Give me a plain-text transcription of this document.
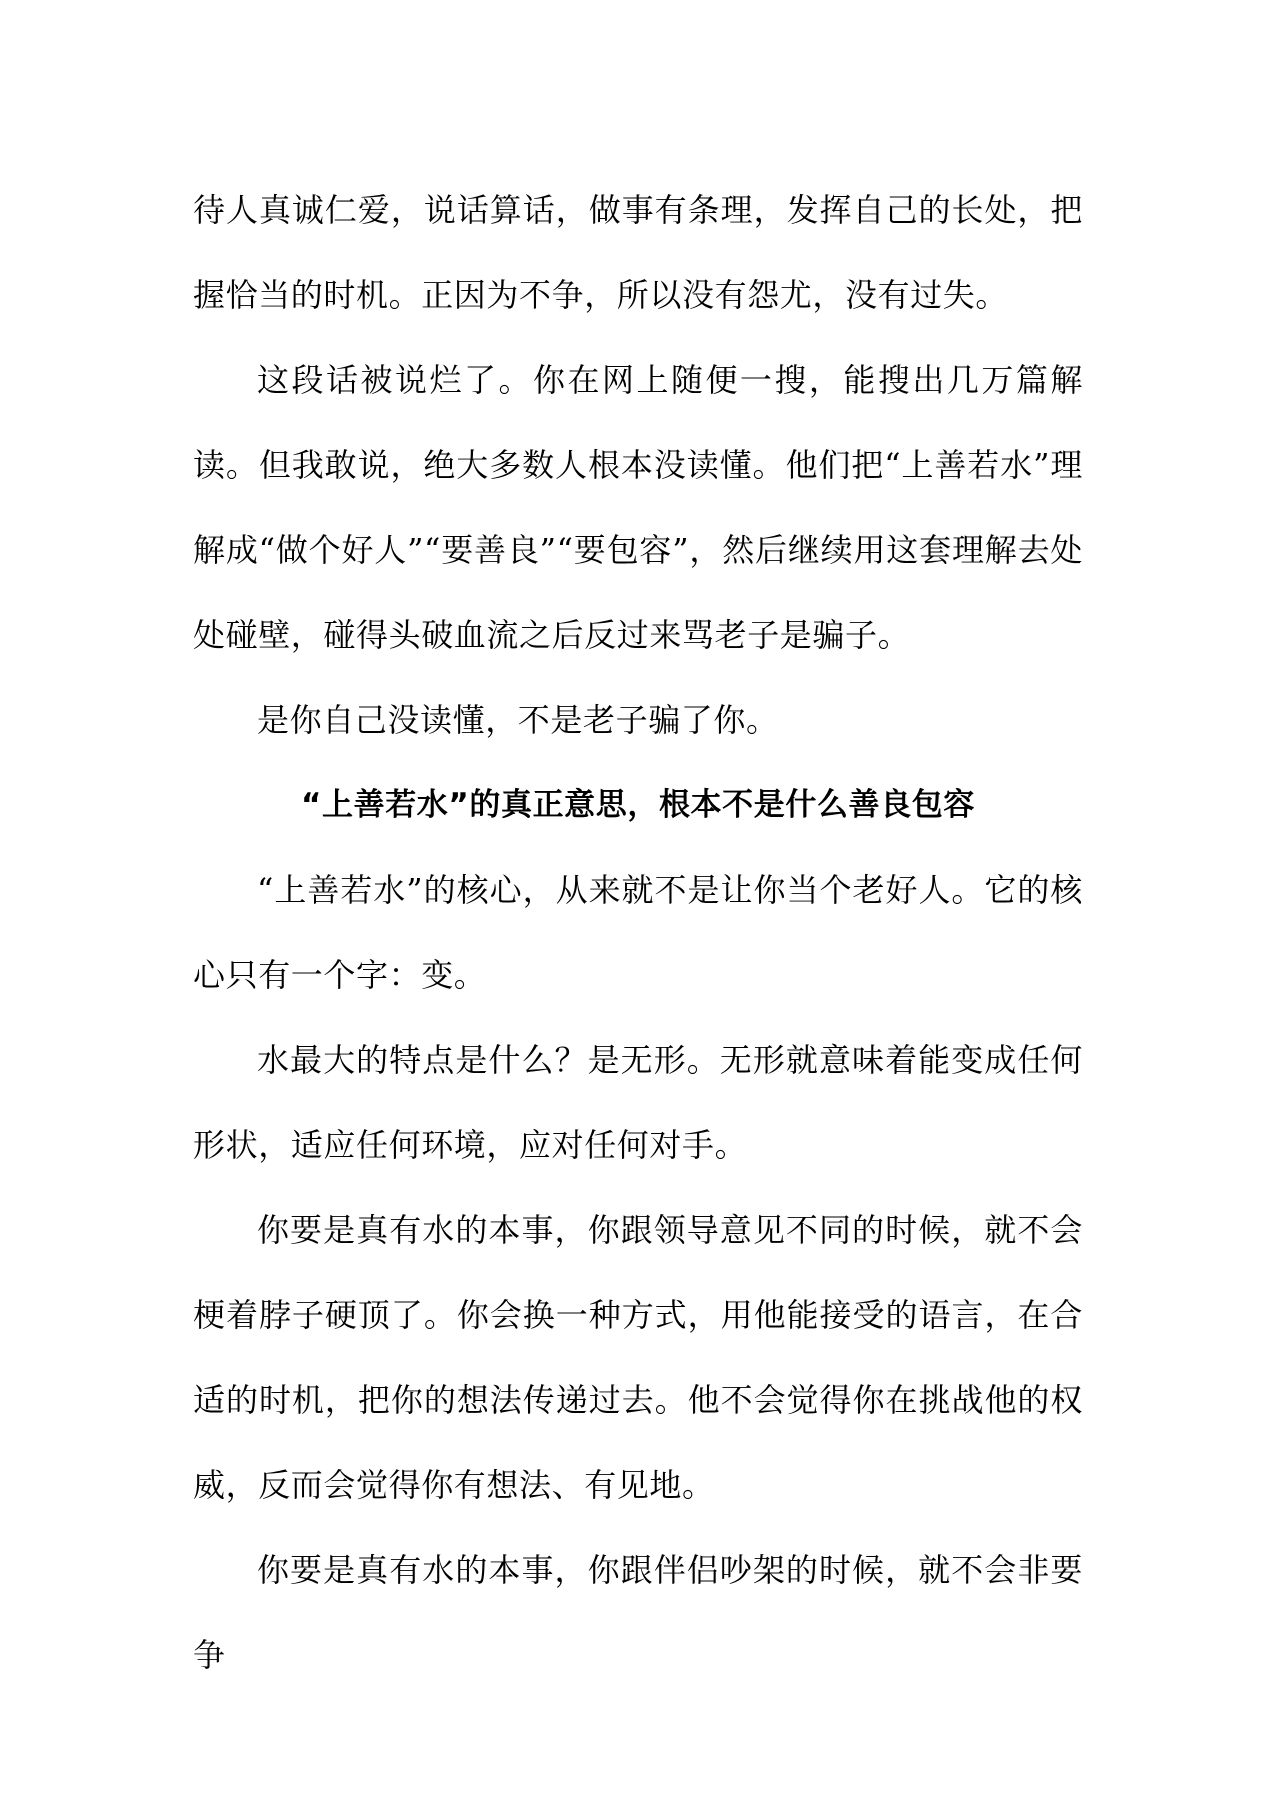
待人真诚仁爱，说话算话，做事有条理，发挥自己的长处，把握恰当的时机。正因为不争，所以没有怨尤，没有过失。

这段话被说烂了。你在网上随便一搜，能搜出几万篇解读。但我敢说，绝大多数人根本没读懂。他们把“上善若水”理解成“做个好人”“要善良”“要包容”，然后继续用这套理解去处处碰壁，碰得头破血流之后反过来骂老子是骗子。

是你自己没读懂，不是老子骗了你。

“上善若水”的真正意思，根本不是什么善良包容

“上善若水”的核心，从来就不是让你当个老好人。它的核心只有一个字：变。

水最大的特点是什么？是无形。无形就意味着能变成任何形状，适应任何环境，应对任何对手。

你要是真有水的本事，你跟领导意见不同的时候，就不会梗着脖子硬顶了。你会换一种方式，用他能接受的语言，在合适的时机，把你的想法传递过去。他不会觉得你在挑战他的权威，反而会觉得你有想法、有见地。

你要是真有水的本事，你跟伴侣吵架的时候，就不会非要争
